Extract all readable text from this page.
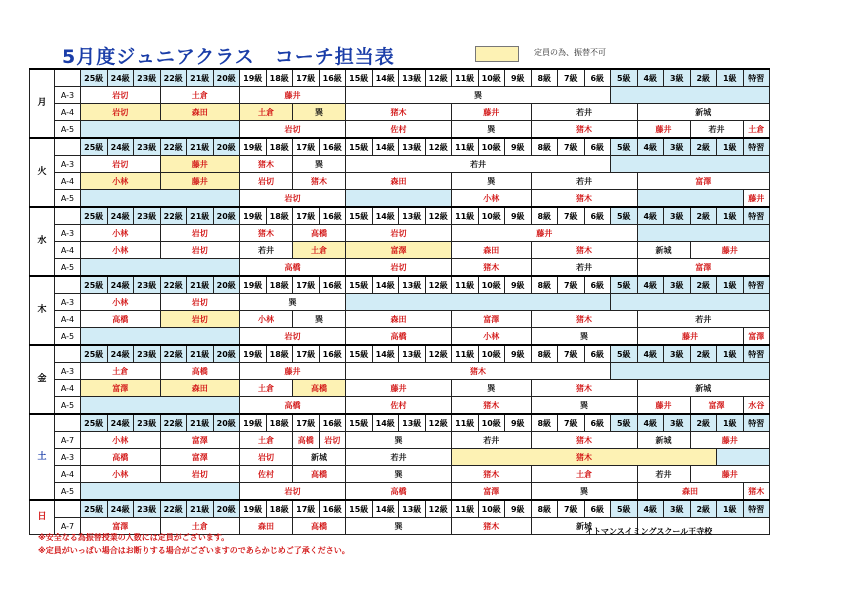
5月度ジュニアクラス　コーチ担当表	定員の為、振替不可
月		25級	24級	23級	22級	21級	20級	19級	18級	17級	16級	15級	14級	13級	12級	11級	10級	9級	8級	7級	6級	5級	4級	3級	2級	1級	特習
	A-3	岩切			土倉			藤井				巽															
	A-4	岩切			森田			土倉		巽		猪木				藤井			若井				新城				
	A-5							岩切				佐村				巽			猪木				藤井		若井		土倉
火		25級	24級	23級	22級	21級	20級	19級	18級	17級	16級	15級	14級	13級	12級	11級	10級	9級	8級	7級	6級	5級	4級	3級	2級	1級	特習
	A-3	岩切			藤井			猪木		巽		若井															
	A-4	小林			藤井			岩切		猪木		森田				巽			若井				富澤				
	A-5							岩切								小林			猪木								藤井
水		25級	24級	23級	22級	21級	20級	19級	18級	17級	16級	15級	14級	13級	12級	11級	10級	9級	8級	7級	6級	5級	4級	3級	2級	1級	特習
	A-3	小林			岩切			猪木		高橋		岩切				藤井											
	A-4	小林			岩切			若井		土倉		富澤				森田			猪木				新城		藤井		
	A-5							高橋				岩切				猪木			若井				富澤				
木		25級	24級	23級	22級	21級	20級	19級	18級	17級	16級	15級	14級	13級	12級	11級	10級	9級	8級	7級	6級	5級	4級	3級	2級	1級	特習
	A-3	小林			岩切			巽																			
	A-4	高橋			岩切			小林		巽		森田				富澤			猪木				若井				
	A-5							岩切				高橋				小林			巽				藤井				富澤
金		25級	24級	23級	22級	21級	20級	19級	18級	17級	16級	15級	14級	13級	12級	11級	10級	9級	8級	7級	6級	5級	4級	3級	2級	1級	特習
	A-3	土倉			高橋			藤井				猪木															
	A-4	富澤			森田			土倉		高橋		藤井				巽			猪木				新城				
	A-5							高橋				佐村				猪木			巽				藤井		富澤		水谷
土		25級	24級	23級	22級	21級	20級	19級	18級	17級	16級	15級	14級	13級	12級	11級	10級	9級	8級	7級	6級	5級	4級	3級	2級	1級	特習
	A-7	小林			富澤			土倉		高橋	岩切	巽				若井			猪木				新城		藤井		
	A-3	高橋			富澤			岩切		新城		若井				猪木											
	A-4	小林			岩切			佐村		高橋		巽				猪木			土倉				若井		藤井		
	A-5							岩切				高橋				富澤			巽				森田				猪木
日		25級	24級	23級	22級	21級	20級	19級	18級	17級	16級	15級	14級	13級	12級	11級	10級	9級	8級	7級	6級	5級	4級	3級	2級	1級	特習
	A-7	富澤			土倉			森田		高橋		巽				猪木			新城								
イトマンスイミングスクール王寺校
※安全なる為振替授業の人数には定員がございます。
※定員がいっぱい場合はお断りする場合がございますのであらかじめご了承ください。
